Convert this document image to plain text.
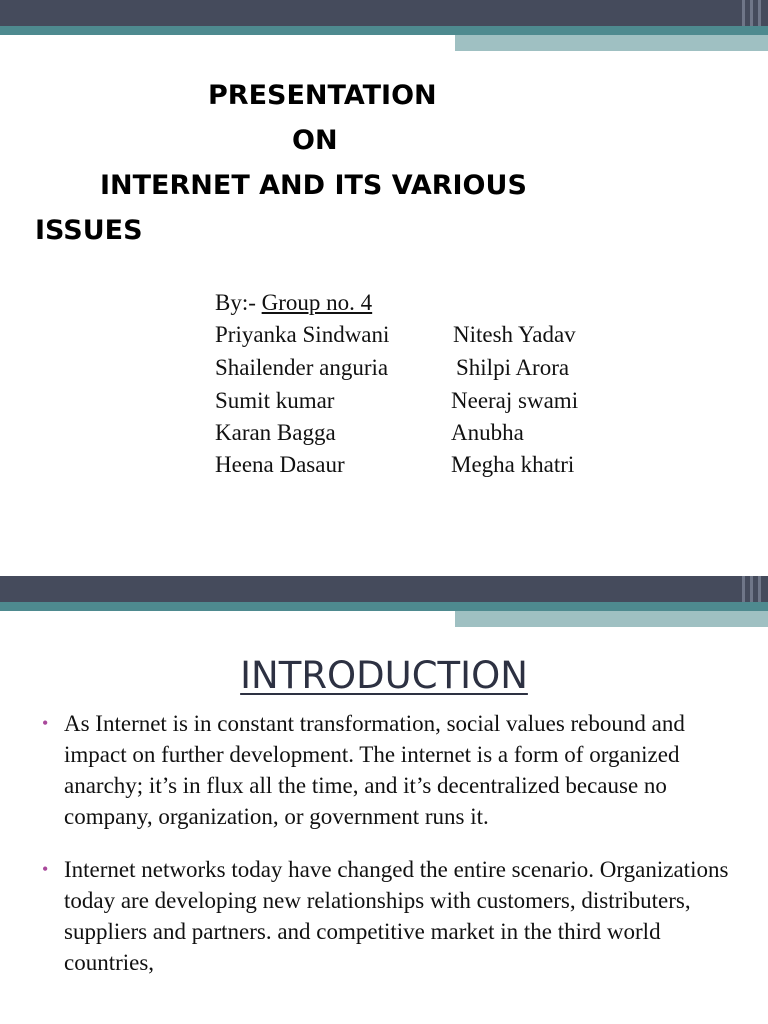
PRESENTATION

ON

INTERNET AND ITS VARIOUS

ISSUES

By:- Group no. 4

Priyanka Sindwani

Shailender anguria

Sumit kumar

Karan Bagga

Heena Dasaur

Nitesh Yadav

Shilpi Arora

Neeraj swami

Anubha

Megha khatri

INTRODUCTION
• As Internet is in constant transformation, social values rebound and impact on further development. The internet is a form of organized anarchy; it’s in flux all the time, and it’s decentralized because no company, organization, or government runs it.
• Internet networks today have changed the entire scenario. Organizations today are developing new relationships with customers, distributers, suppliers and partners. and competitive market in the third world countries,
